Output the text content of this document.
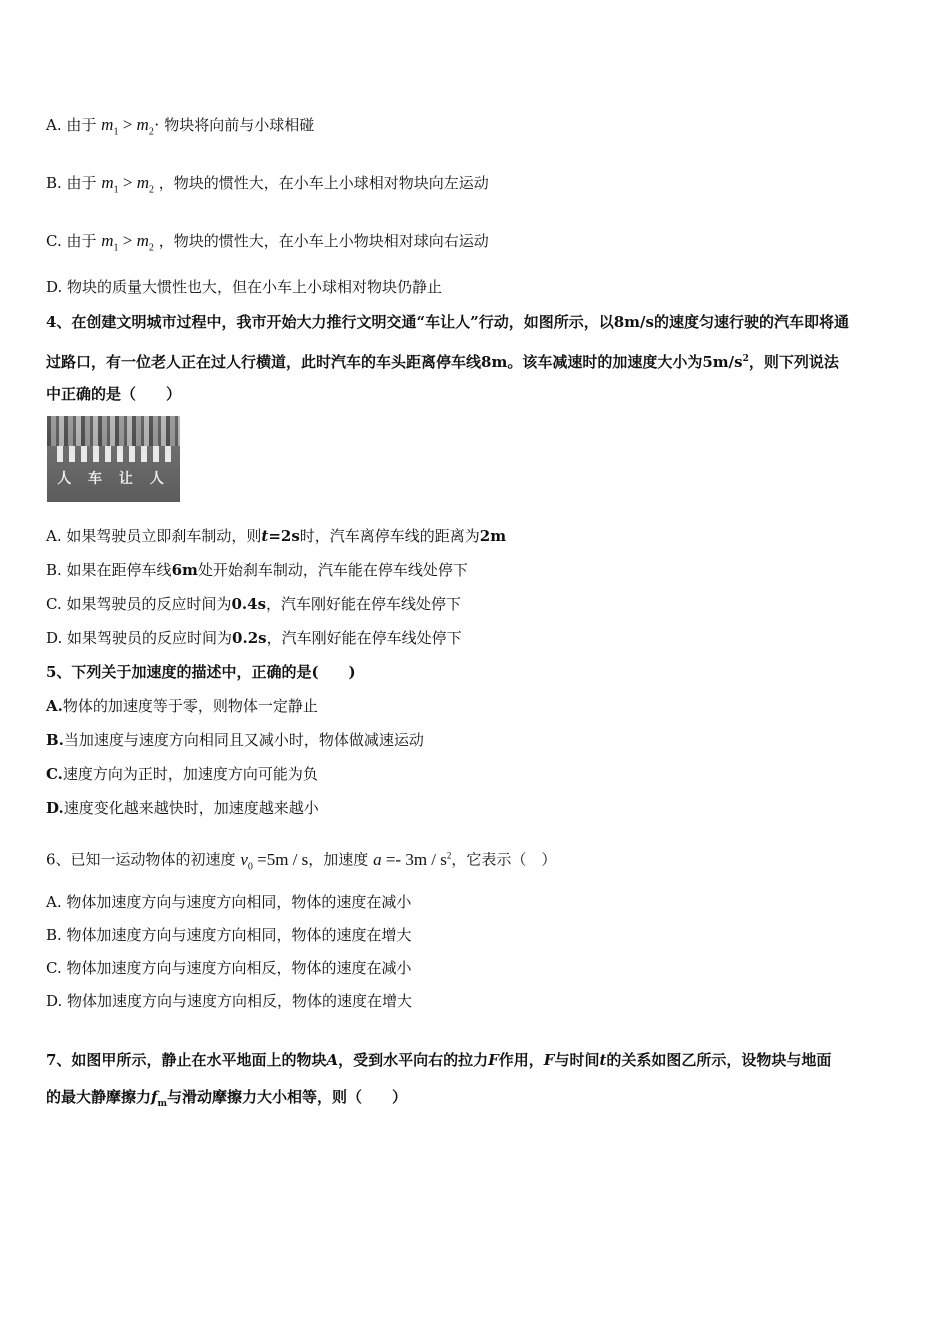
A. 由于 $m_1 > m_2\cdot$ 物块将向前与小球相碰
B. 由于 $m_1 > m_2$ ，物块的惯性大，在小车上小球相对物块向左运动
C. 由于 $m_1 > m_2$ ，物块的惯性大，在小车上小物块相对球向右运动
D. 物块的质量大惯性也大，但在小车上小球相对物块仍静止
4、在创建文明城市过程中，我市开始大力推行文明交通“车让人”行动，如图所示，以8m/s的速度匀速行驶的汽车即将通
过路口，有一位老人正在过人行横道，此时汽车的车头距离停车线8m。该车减速时的加速度大小为$5m/s^2$，则下列说法
中正确的是（　　）
人 车 让 人
A. 如果驾驶员立即刹车制动，则t=2s时，汽车离停车线的距离为2m
B. 如果在距停车线6m处开始刹车制动，汽车能在停车线处停下
C. 如果驾驶员的反应时间为0.4s，汽车刚好能在停车线处停下
D. 如果驾驶员的反应时间为0.2s，汽车刚好能在停车线处停下
5、下列关于加速度的描述中，正确的是(　　)
A.物体的加速度等于零，则物体一定静止
B.当加速度与速度方向相同且又减小时，物体做减速运动
C.速度方向为正时，加速度方向可能为负
D.速度变化越来越快时，加速度越来越小
6、已知一运动物体的初速度 $v_0 =5m / s$，加速度 $a =- 3m / s^2$，它表示（　）
A. 物体加速度方向与速度方向相同，物体的速度在减小
B. 物体加速度方向与速度方向相同，物体的速度在增大
C. 物体加速度方向与速度方向相反，物体的速度在减小
D. 物体加速度方向与速度方向相反，物体的速度在增大
7、如图甲所示，静止在水平地面上的物块A，受到水平向右的拉力F作用，F与时间t的关系如图乙所示，设物块与地面
的最大静摩擦力$f_m$与滑动摩擦力大小相等，则（　　）
